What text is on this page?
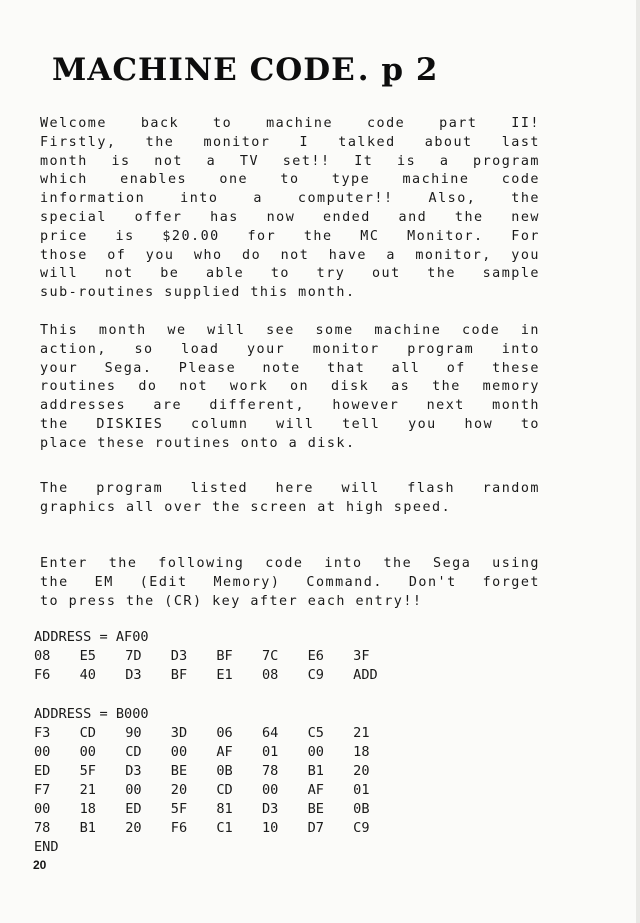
MACHINE CODE. p 2
Welcome back to machine code part II!
Firstly, the monitor I talked about last
month is not a TV set!! It is a program
which enables one to type machine code
information into a computer!! Also, the
special offer has now ended and the new
price is $20.00 for the MC Monitor. For
those of you who do not have a monitor, you
will not be able to try out the sample
sub-routines supplied this month.
This month we will see some machine code in
action, so load your monitor program into
your Sega. Please note that all of these
routines do not work on disk as the memory
addresses are different, however next month
the DISKIES column will tell you how to
place these routines onto a disk.
The program listed here will flash random
graphics all over the screen at high speed.
Enter the following code into the Sega using
the EM (Edit Memory) Command. Don't forget
to press the (CR) key after each entry!!
ADDRESS = AF00
08	E5	7D	D3	BF	7C	E6	3F
F6	40	D3	BF	E1	08	C9	ADD
ADDRESS = B000
F3	CD	90	3D	06	64	C5	21
00	00	CD	00	AF	01	00	18
ED	5F	D3	BE	0B	78	B1	20
F7	21	00	20	CD	00	AF	01
00	18	ED	5F	81	D3	BE	0B
78	B1	20	F6	C1	10	D7	C9
END
20
